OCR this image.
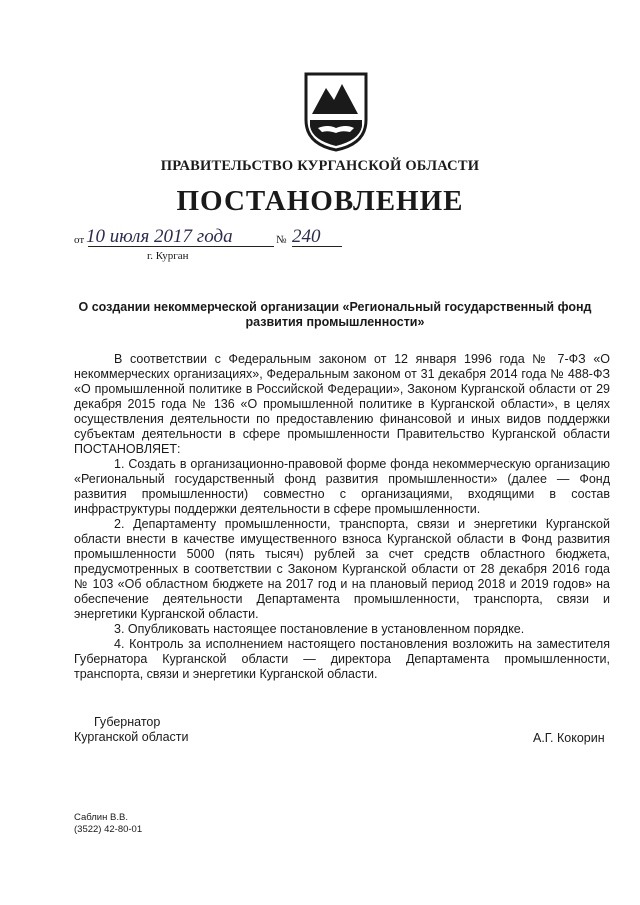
ПРАВИТЕЛЬСТВО КУРГАНСКОЙ ОБЛАСТИ
ПОСТАНОВЛЕНИЕ
от 10 июля 2017 года	№ 240
г. Курган
О создании некоммерческой организации «Региональный государственный фонд развития промышленности»

В соответствии с Федеральным законом от 12 января 1996 года № 7-ФЗ «О некоммерческих организациях», Федеральным законом от 31 декабря 2014 года № 488-ФЗ «О промышленной политике в Российской Федерации», Законом Курганской области от 29 декабря 2015 года № 136 «О промышленной политике в Курганской области», в целях осуществления деятельности по предоставлению финансовой и иных видов поддержки субъектам деятельности в сфере промышленности Правительство Курганской области ПОСТАНОВЛЯЕТ:

1. Создать в организационно-правовой форме фонда некоммерческую организацию «Региональный государственный фонд развития промышленности» (далее — Фонд развития промышленности) совместно с организациями, входящими в состав инфраструктуры поддержки деятельности в сфере промышленности.

2. Департаменту промышленности, транспорта, связи и энергетики Курганской области внести в качестве имущественного взноса Курганской области в Фонд развития промышленности 5000 (пять тысяч) рублей за счет средств областного бюджета, предусмотренных в соответствии с Законом Курганской области от 28 декабря 2016 года № 103 «Об областном бюджете на 2017 год и на плановый период 2018 и 2019 годов» на обеспечение деятельности Департамента промышленности, транспорта, связи и энергетики Курганской области.

3. Опубликовать настоящее постановление в установленном порядке.

4. Контроль за исполнением настоящего постановления возложить на заместителя Губернатора Курганской области — директора Департамента промышленности, транспорта, связи и энергетики Курганской области.

Губернатор
Курганской области	А.Г. Кокорин
Саблин В.В.
(3522) 42-80-01
